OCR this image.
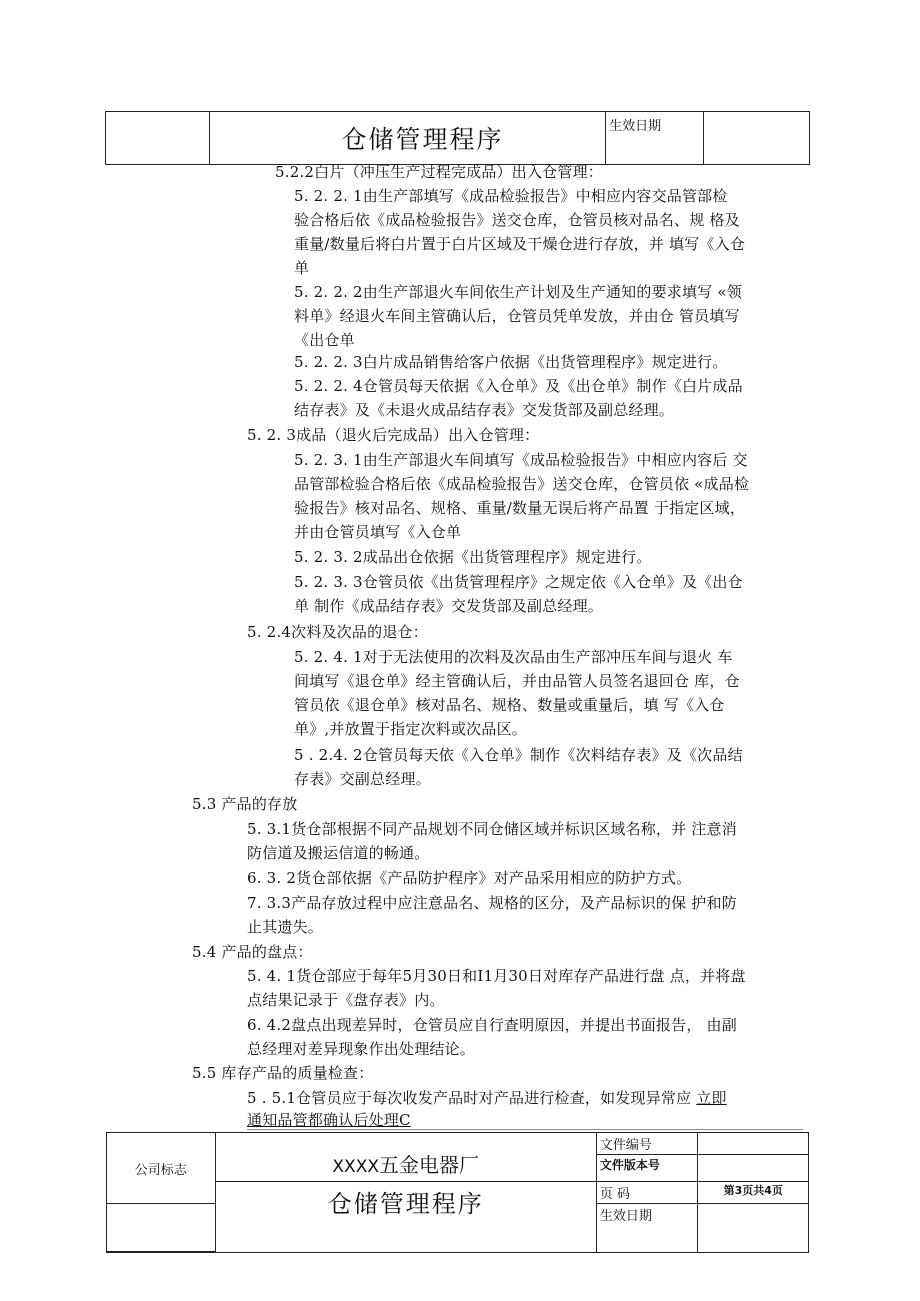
	仓储管理程序	生效日期	
5.2.2白片（冲压生产过程完成品）出入仓管理：
5. 2. 2. 1由生产部填写《成品检验报告》中相应内容交品管部检
验合格后依《成品检验报告》送交仓库，仓管员核对品名、规 格及
重量/数量后将白片置于白片区域及干燥仓进行存放，并 填写《入仓
单
5. 2. 2. 2由生产部退火车间依生产计划及生产通知的要求填写 «领
料单》经退火车间主管确认后，仓管员凭单发放，并由仓 管员填写
《出仓单
5. 2. 2. 3白片成品销售给客户依据《出货管理程序》规定进行。
5. 2. 2. 4仓管员每天依据《入仓单》及《出仓单》制作《白片成品
结存表》及《未退火成品结存表》交发货部及副总经理。
5. 2. 3成品（退火后完成品）出入仓管理：
5. 2. 3. 1由生产部退火车间填写《成品检验报告》中相应内容后 交
品管部检验合格后依《成品检验报告》送交仓库，仓管员依 «成品检
验报告》核对品名、规格、重量/数量无误后将产品置 于指定区域，
并由仓管员填写《入仓单
5. 2. 3. 2成品出仓依据《出货管理程序》规定进行。
5. 2. 3. 3仓管员依《出货管理程序》之规定依《入仓单》及《出仓
单 制作《成品结存表》交发货部及副总经理。
5. 2.4次料及次品的退仓：
5. 2. 4. 1对于无法使用的次料及次品由生产部冲压车间与退火 车
间填写《退仓单》经主管确认后，并由品管人员签名退回仓 库，仓
管员依《退仓单》核对品名、规格、数量或重量后，填 写《入仓
单》,并放置于指定次料或次品区。
5 . 2.4. 2仓管员每天依《入仓单》制作《次料结存表》及《次品结
存表》交副总经理。
5.3 产品的存放
5. 3.1货仓部根据不同产品规划不同仓储区域并标识区域名称，并 注意消
防信道及搬运信道的畅通。
6. 3. 2货仓部依据《产品防护程序》对产品采用相应的防护方式。
7. 3.3产品存放过程中应注意品名、规格的区分，及产品标识的保 护和防
止其遗失。
5.4 产品的盘点：
5. 4. 1货仓部应于每年5月30日和I1月30日对库存产品进行盘 点，并将盘
点结果记录于《盘存表》内。
6. 4.2盘点出现差异时，仓管员应自行查明原因，并提出书面报告， 由副
总经理对差异现象作出处理结论。
5.5 库存产品的质量检查：
5 . 5.1仓管员应于每次收发产品时对产品进行检查，如发现异常应 立即
通知品管都确认后处理C
公司标志	XXXX五金电器厂	文件编号	
		文件版本号	
	仓储管理程序	页 码	第3页共4页
		生效日期	
